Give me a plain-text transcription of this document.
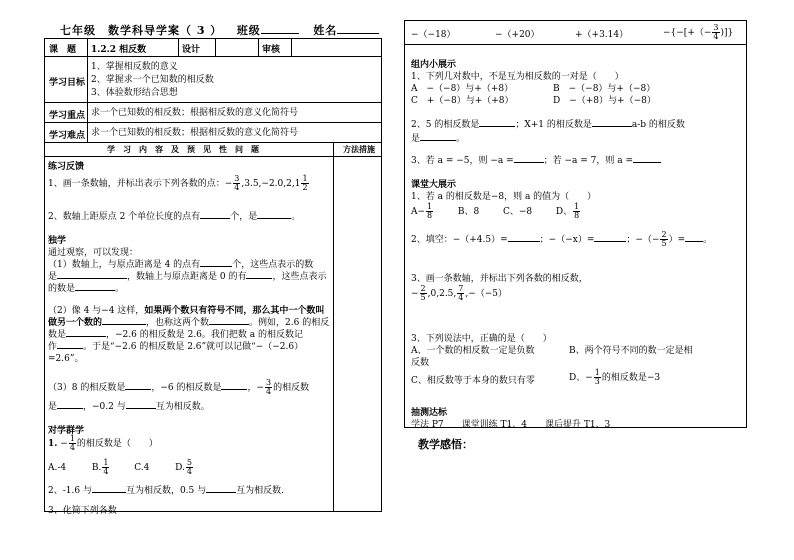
七年级　数学科导学案（ 3 ） 班级	姓名
课　题 1.2.2 相反数	设计	审核
学习目标
1、掌握相反数的意义
2、掌握求一个已知数的相反数
3、体验数形结合思想
学习重点 求一个已知数的相反数；根据相反数的意义化简符号
学习难点 求一个已知数的相反数；根据相反数的意义化简符号
学　习　内　容　及　预　见　性　问　题	方法措施
练习反馈
1、画一条数轴，并标出表示下列各数的点：− $\frac{3}{4} ,3.5,-2.0,2,1 \frac{1}{2}$
2、数轴上距原点 2 个单位长度的点有	个，是	。
独学
通过观察，可以发现：
（1）数轴上，与原点距离是 4 的点有	个，这些点表示的数
是	，数轴上与原点距离是 0 的有	，这些点表示
的数是	。
（2）像 4 与−4 这样，如果两个数只有符号不同，那么其中一个数叫
做另一个数的	，也称这两个数	。例如，2.6 的相反
数是	，−2.6 的相反数是 2.6。我们把数 a 的相反数记
作	。于是“−2.6 的相反数是 2.6”就可以记做“−（−2.6）
=2.6”。
（3）8 的相反数是	，−6 的相反数是	，− $\frac{3}{4}$ 的相反数
是	，−0.2 与	互为相反数。
对学群学
1. − $\frac{1}{4}$ 的相反数是（　　）
A.-4	B. $\frac{1}{4}$	C.4	D. $\frac{5}{4}$
2、-1.6 与	互为相反数，0.5 与	互为相反数.
3、化简下列各数
−（−18）	−（+20）	+（+3.14）	−{−[+（− $\frac{3}{4}$ )]}
组内小展示
1、下列几对数中，不是互为相反数的一对是（　　）
A　−（−8）与+（+8）	B　−（−8）与+（−8）
C　+（−8）与+（+8）	D　−（+8）与+（−8）
2、5 的相反数是	；X+1 的相反数是	a-b 的相反数
是	。
3、若 a = −5，则 −a =	；若 −a = 7，则 a =
课堂大展示
1、若 a 的相反数是−8，则 a 的值为（　　）
$A- \frac{1}{8}$	B、8	C、−8	D、 $\frac{1}{8}$
2、填空：−（+4.5）=	；−（−x）=	；−（− $\frac{2}{5}$ ）= 。
3、画一条数轴，并标出下列各数的相反数，
− $\frac{2}{5} ,0,2.5$, $\frac{7}{4} ,-(-5)$
3、下列说法中，正确的是（　　）
A、一个数的相反数一定是负数	B、两个符号不同的数一定是相
反数
C、相反数等于本身的数只有零	D、− $\frac{1}{3}$ 的相反数是−3
抽测达标
学法 P7　　课堂训练 T1、4　　课后提升 T1、3
教学感悟：
